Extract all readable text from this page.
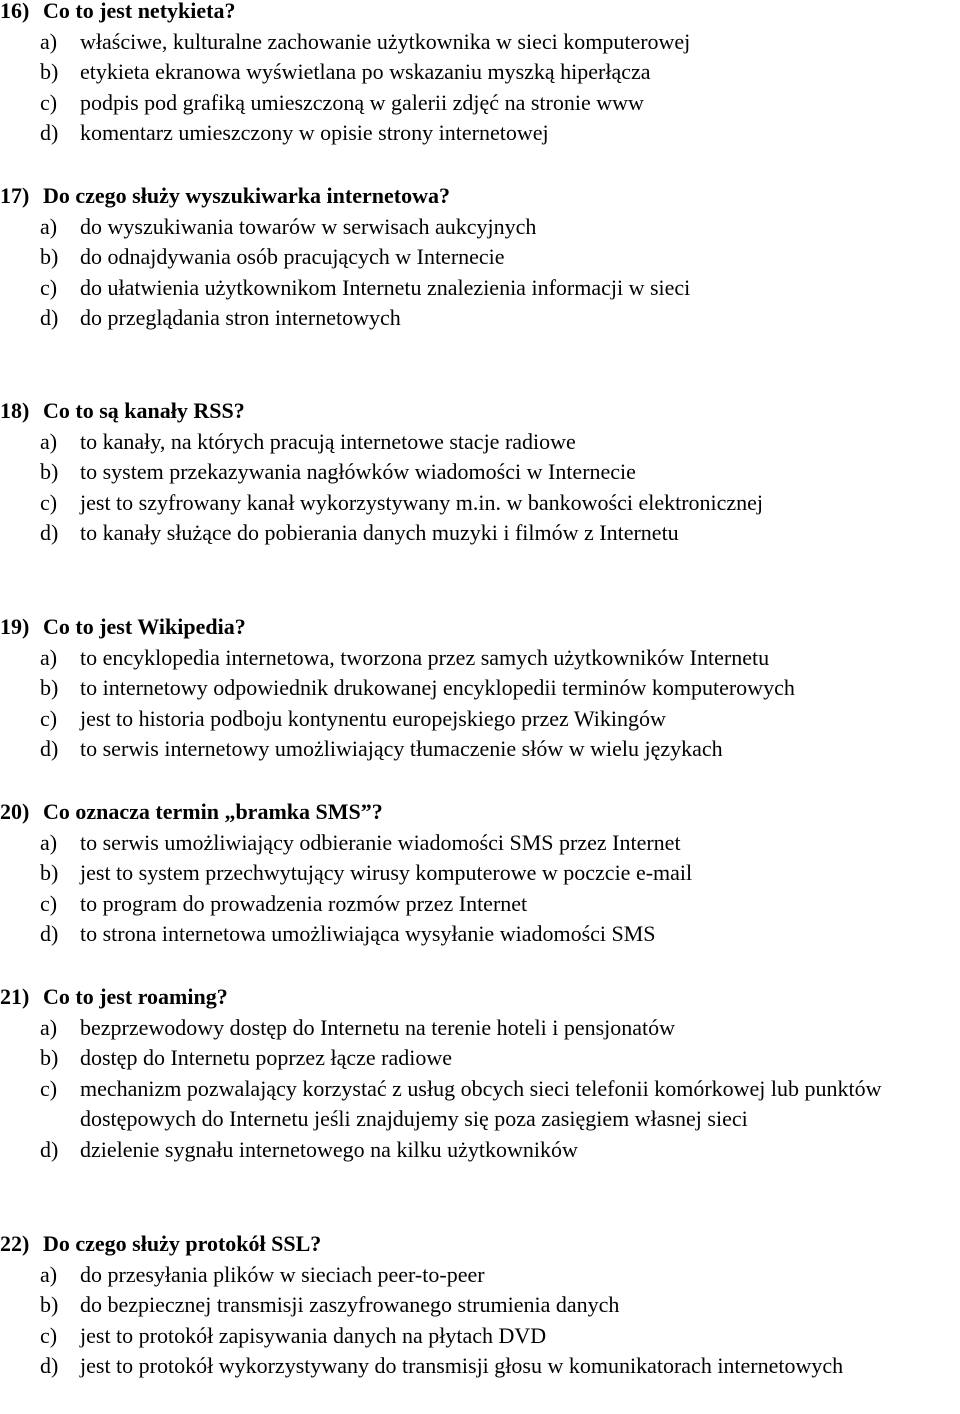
16) Co to jest netykieta?
a)	właściwe, kulturalne zachowanie użytkownika w sieci komputerowej
b) etykieta ekranowa wyświetlana po wskazaniu myszką hiperłącza
c)	podpis pod grafiką umieszczoną w galerii zdjęć na stronie www
d) komentarz umieszczony w opisie strony internetowej
17) Do czego służy wyszukiwarka internetowa?
a)	do wyszukiwania towarów w serwisach aukcyjnych
b) do odnajdywania osób pracujących w Internecie
c)	do ułatwienia użytkownikom Internetu znalezienia informacji w sieci
d) do przeglądania stron internetowych
18) Co to są kanały RSS?
a)	to kanały, na których pracują internetowe stacje radiowe
b) to system przekazywania nagłówków wiadomości w Internecie
c)	jest to szyfrowany kanał wykorzystywany m.in. w bankowości elektronicznej
d) to kanały służące do pobierania danych muzyki i filmów z Internetu
19) Co to jest Wikipedia?
a)	to encyklopedia internetowa, tworzona przez samych użytkowników Internetu
b) to internetowy odpowiednik drukowanej encyklopedii terminów komputerowych
c)	jest to historia podboju kontynentu europejskiego przez Wikingów
d) to serwis internetowy umożliwiający tłumaczenie słów w wielu językach
20) Co oznacza termin „bramka SMS”?
a)	to serwis umożliwiający odbieranie wiadomości SMS przez Internet
b) jest to system przechwytujący wirusy komputerowe w poczcie e-mail
c)	to program do prowadzenia rozmów przez Internet
d) to strona internetowa umożliwiająca wysyłanie wiadomości SMS
21) Co to jest roaming?
a)	bezprzewodowy dostęp do Internetu na terenie hoteli i pensjonatów
b) dostęp do Internetu poprzez łącze radiowe
c)	mechanizm pozwalający korzystać z usług obcych sieci telefonii komórkowej lub punktów dostępowych do Internetu jeśli znajdujemy się poza zasięgiem własnej sieci
d) dzielenie sygnału internetowego na kilku użytkowników
22) Do czego służy protokół SSL?
a)	do przesyłania plików w sieciach peer-to-peer
b) do bezpiecznej transmisji zaszyfrowanego strumienia danych
c)	jest to protokół zapisywania danych na płytach DVD
d) jest to protokół wykorzystywany do transmisji głosu w komunikatorach internetowych
